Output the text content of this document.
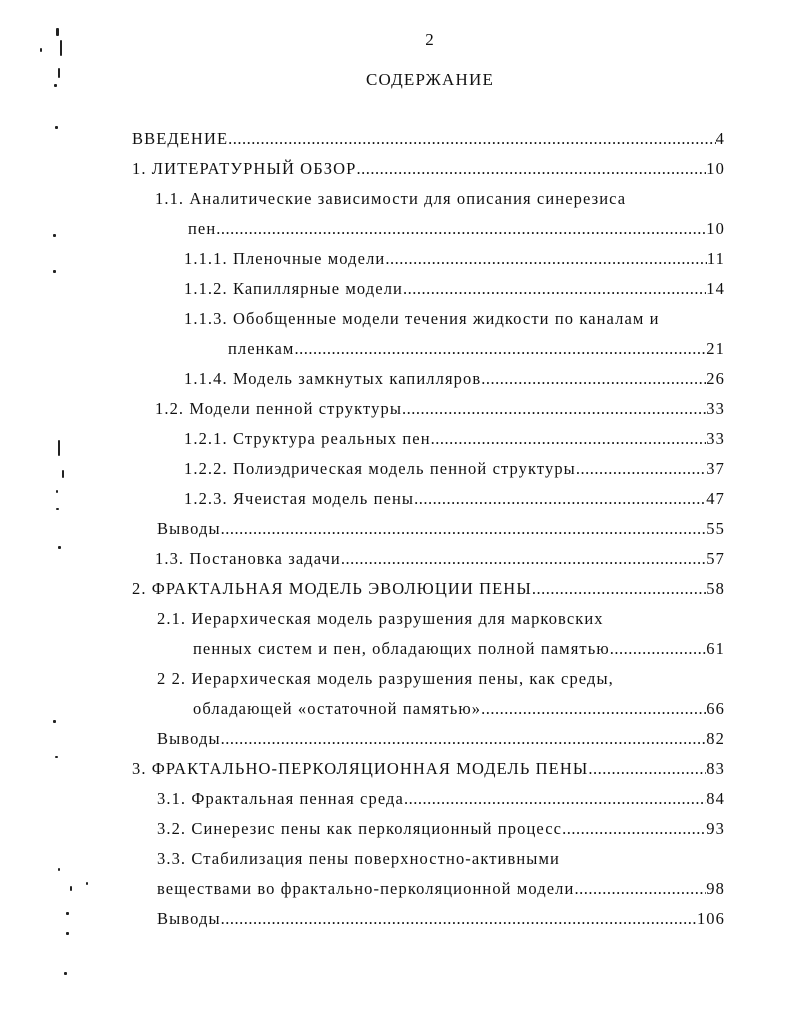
2
СОДЕРЖАНИЕ
ВВЕДЕНИЕ .....	4
1. ЛИТЕРАТУРНЫЙ ОБЗОР .....	10
1.1. Аналитические зависимости для описания синерезиса
пен .....	10
1.1.1. Пленочные модели .....	11
1.1.2. Капиллярные модели .....	14
1.1.3. Обобщенные модели течения жидкости по каналам и
пленкам .....	21
1.1.4. Модель замкнутых капилляров .....	26
1.2. Модели пенной структуры .....	33
1.2.1. Структура реальных пен .....	33
1.2.2. Полиэдрическая модель пенной структуры .....	37
1.2.3. Ячеистая модель пены .....	47
Выводы .....	55
1.3. Постановка задачи .....	57
2. ФРАКТАЛЬНАЯ МОДЕЛЬ ЭВОЛЮЦИИ ПЕНЫ .....	58
2.1. Иерархическая модель разрушения для марковских
пенных систем и пен, обладающих полной памятью .....	61
2 2. Иерархическая модель разрушения пены, как среды,
обладающей «остаточной памятью» .....	66
Выводы .....	82
3. ФРАКТАЛЬНО-ПЕРКОЛЯЦИОННАЯ МОДЕЛЬ ПЕНЫ .....	83
3.1. Фрактальная пенная среда .....	84
3.2. Синерезис пены как перколяционный процесс .....	93
3.3. Стабилизация пены поверхностно-активными
веществами во фрактально-перколяционной модели .....	98
Выводы .....	106
